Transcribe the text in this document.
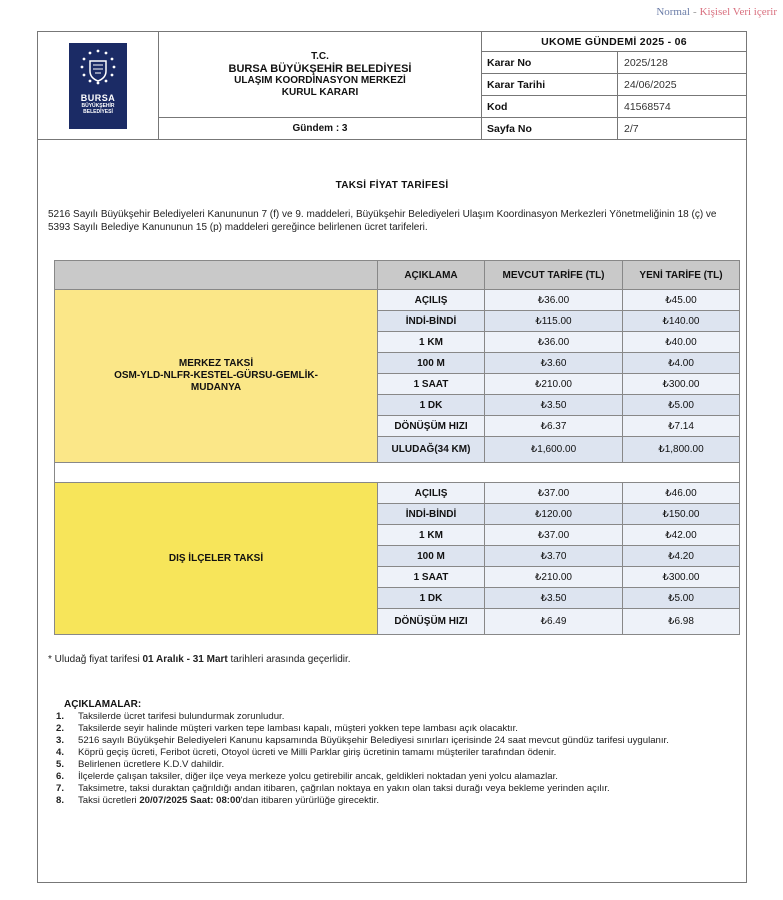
Normal - Kişisel Veri içerir
BURSA
BÜYÜKŞEHİR
BELEDİYESİ
T.C.
BURSA BÜYÜKŞEHİR BELEDİYESİ
ULAŞIM KOORDİNASYON MERKEZİ
KURUL KARARI
Gündem : 3
UKOME GÜNDEMİ 2025 - 06
Karar No	2025/128
Karar Tarihi	24/06/2025
Kod	41568574
Sayfa No	2/7
TAKSİ FİYAT TARİFESİ
5216 Sayılı Büyükşehir Belediyeleri Kanununun 7 (f) ve 9. maddeleri, Büyükşehir Belediyeleri Ulaşım Koordinasyon Merkezleri Yönetmeliğinin 18 (ç) ve 5393 Sayılı Belediye Kanununun 15 (p) maddeleri gereğince belirlenen ücret tarifeleri.
	AÇIKLAMA	MEVCUT TARİFE (TL)	YENİ TARİFE (TL)

MERKEZ TAKSİ
OSM-YLD-NLFR-KESTEL-GÜRSU-GEMLİK-
MUDANYA	AÇILIŞ	₺36.00	₺45.00
	İNDİ-BİNDİ	₺115.00	₺140.00
	1 KM	₺36.00	₺40.00
	100 M	₺3.60	₺4.00
	1 SAAT	₺210.00	₺300.00
	1 DK	₺3.50	₺5.00
	DÖNÜŞÜM HIZI	₺6.37	₺7.14
	ULUDAĞ(34 KM)	₺1,600.00	₺1,800.00

DIŞ İLÇELER TAKSİ	AÇILIŞ	₺37.00	₺46.00
	İNDİ-BİNDİ	₺120.00	₺150.00
	1 KM	₺37.00	₺42.00
	100 M	₺3.70	₺4.20
	1 SAAT	₺210.00	₺300.00
	1 DK	₺3.50	₺5.00
	DÖNÜŞÜM HIZI	₺6.49	₺6.98
* Uludağ fiyat tarifesi 01 Aralık - 31 Mart tarihleri arasında geçerlidir.
AÇIKLAMALAR:
1.	Taksilerde ücret tarifesi bulundurmak zorunludur.
2.	Taksilerde seyir halinde müşteri varken tepe lambası kapalı, müşteri yokken tepe lambası açık olacaktır.
3.	5216 sayılı Büyükşehir Belediyeleri Kanunu kapsamında Büyükşehir Belediyesi sınırları içerisinde 24 saat mevcut gündüz tarifesi uygulanır.
4.	Köprü geçiş ücreti, Feribot ücreti, Otoyol ücreti ve Milli Parklar giriş ücretinin tamamı müşteriler tarafından ödenir.
5.	Belirlenen ücretlere K.D.V dahildir.
6.	İlçelerde çalışan taksiler, diğer ilçe veya merkeze yolcu getirebilir ancak, geldikleri noktadan yeni yolcu alamazlar.
7.	Taksimetre, taksi duraktan çağrıldığı andan itibaren, çağrılan noktaya en yakın olan taksi durağı veya bekleme yerinden açılır.
8.	Taksi ücretleri 20/07/2025 Saat: 08:00'dan itibaren yürürlüğe girecektir.
